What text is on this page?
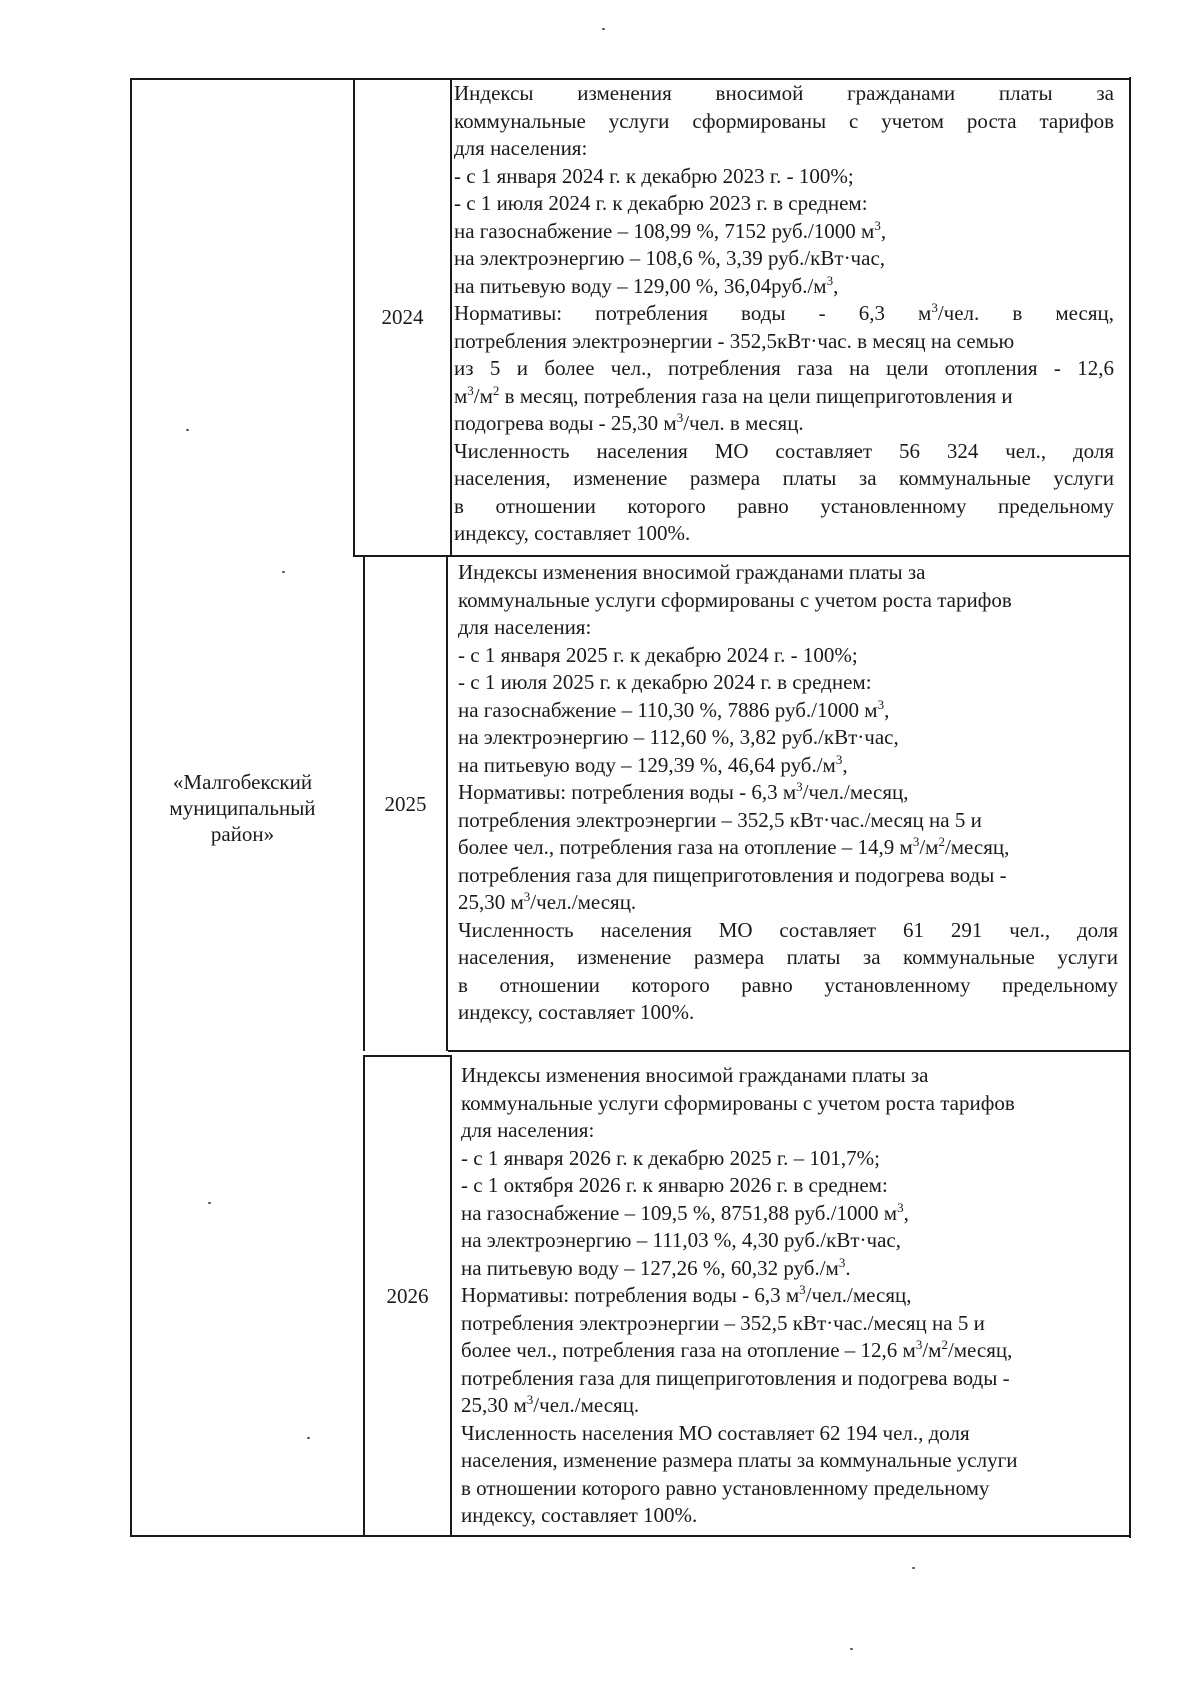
«Малгобекский муниципальный район»
2024
2025
2026
Индексы изменения вносимой гражданами платы за
коммунальные услуги сформированы с учетом роста тарифов
для населения:
- с 1 января 2024 г. к декабрю 2023 г. - 100%;
- с 1 июля 2024 г. к декабрю 2023 г. в среднем:
на газоснабжение – 108,99 %, 7152 руб./1000 $м^3$,
на электроэнергию – 108,6 %, 3,39 руб./кВт·час,
на питьевую воду – 129,00 %, $36,04руб./м^3$,
Нормативы: потребления воды - 6,3 $м^3$/чел. в месяц,
потребления электроэнергии - 352,5кВт·час. в месяц на семью
из 5 и более чел., потребления газа на цели отопления - 12,6
$м^3/м^2$ в месяц, потребления газа на цели пищеприготовления и
подогрева воды - 25,30 $м^3$/чел. в месяц.
Численность населения МО составляет 56 324 чел., доля
населения, изменение размера платы за коммунальные услуги
в отношении которого равно установленному предельному
индексу, составляет 100%.
Индексы изменения вносимой гражданами платы за
коммунальные услуги сформированы с учетом роста тарифов
для населения:
- с 1 января 2025 г. к декабрю 2024 г. - 100%;
- с 1 июля 2025 г. к декабрю 2024 г. в среднем:
на газоснабжение – 110,30 %, 7886 руб./1000 $м^3$,
на электроэнергию – 112,60 %, 3,82 руб./кВт·час,
на питьевую воду – 129,39 %, 46,64 $руб./м^3$,
Нормативы: потребления воды - 6,3 $м^3/чел$./месяц,
потребления электроэнергии – 352,5 кВт·час./месяц на 5 и
более чел., потребления газа на отопление – 14,9 $м^3/м^2$/месяц,
потребления газа для пищеприготовления и подогрева воды -
25,30 $м^3/чел$./месяц.
Численность населения МО составляет 61 291 чел., доля
населения, изменение размера платы за коммунальные услуги
в отношении которого равно установленному предельному
индексу, составляет 100%.
Индексы изменения вносимой гражданами платы за
коммунальные услуги сформированы с учетом роста тарифов
для населения:
- с 1 января 2026 г. к декабрю 2025 г. – 101,7%;
- с 1 октября 2026 г. к январю 2026 г. в среднем:
на газоснабжение – 109,5 %, 8751,88 руб./1000 $м^3$,
на электроэнергию – 111,03 %, 4,30 руб./кВт·час,
на питьевую воду – 127,26 %, 60,32 $руб./м^3$.
Нормативы: потребления воды - 6,3 $м^3/чел$./месяц,
потребления электроэнергии – 352,5 кВт·час./месяц на 5 и
более чел., потребления газа на отопление – 12,6 $м^3/м^2$/месяц,
потребления газа для пищеприготовления и подогрева воды -
25,30 $м^3/чел$./месяц.
Численность населения МО составляет 62 194 чел., доля
населения, изменение размера платы за коммунальные услуги
в отношении которого равно установленному предельному
индексу, составляет 100%.
